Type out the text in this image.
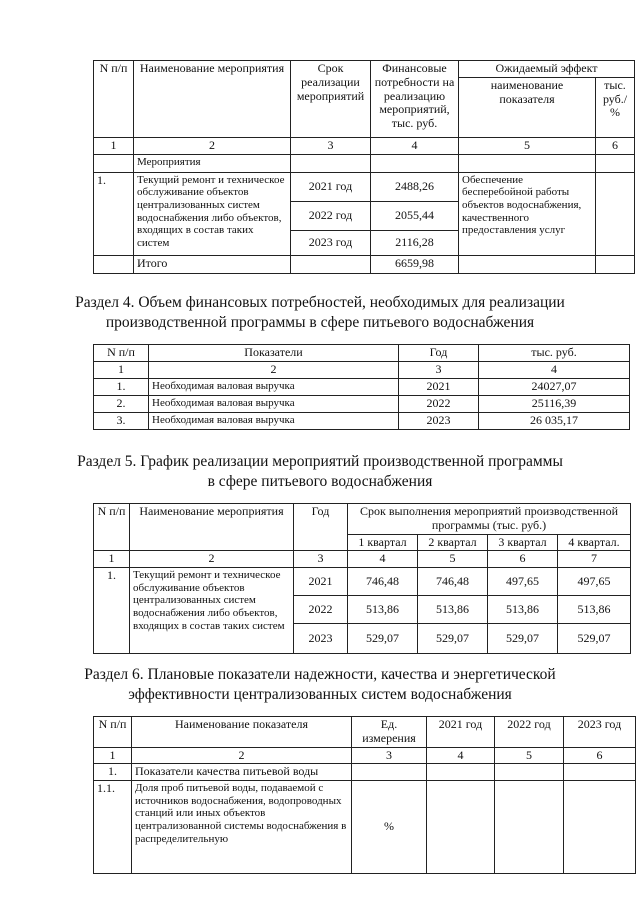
N п/п	Наименование мероприятия	Срок реализации мероприятий	Финансовые потребности на реализацию мероприятий, тыс. руб.	Ожидаемый эффект	
				наименование показателя	тыс. руб./ %
1	2	3	4	5	6
	Мероприятия				
1.	Текущий ремонт и техническое обслуживание объектов централизованных систем водоснабжения либо объектов, входящих в состав таких систем	2021 год	2488,26	Обеспечение бесперебойной работы объектов водоснабжения, качественного предоставления услуг	
		2022 год	2055,44		
		2023 год	2116,28		
	Итого		6659,98		
Раздел 4. Объем финансовых потребностей, необходимых для реализации
производственной программы в сфере питьевого водоснабжения
N п/п	Показатели	Год	тыс. руб.
1	2	3	4
1.	Необходимая валовая выручка	2021	24027,07
2.	Необходимая валовая выручка	2022	25116,39
3.	Необходимая валовая выручка	2023	26 035,17
Раздел 5. График реализации мероприятий производственной программы
в сфере питьевого водоснабжения
N п/п	Наименование мероприятия	Год	Срок выполнения мероприятий производственной программы (тыс. руб.)			
			1 квартал	2 квартал	3 квартал	4 квартал.
1	2	3	4	5	6	7
1.	Текущий ремонт и техническое обслуживание объектов централизованных систем водоснабжения либо объектов, входящих в состав таких систем	2021	746,48	746,48	497,65	497,65
		2022	513,86	513,86	513,86	513,86
		2023	529,07	529,07	529,07	529,07
Раздел 6. Плановые показатели надежности, качества и энергетической
эффективности централизованных систем водоснабжения
N п/п	Наименование показателя	Ед. измерения	2021 год	2022 год	2023 год
1	2	3	4	5	6
1.	Показатели качества питьевой воды				
1.1.	Доля проб питьевой воды, подаваемой с источников водоснабжения, водопроводных станций или иных объектов централизованной системы водоснабжения в распределительную	%			
